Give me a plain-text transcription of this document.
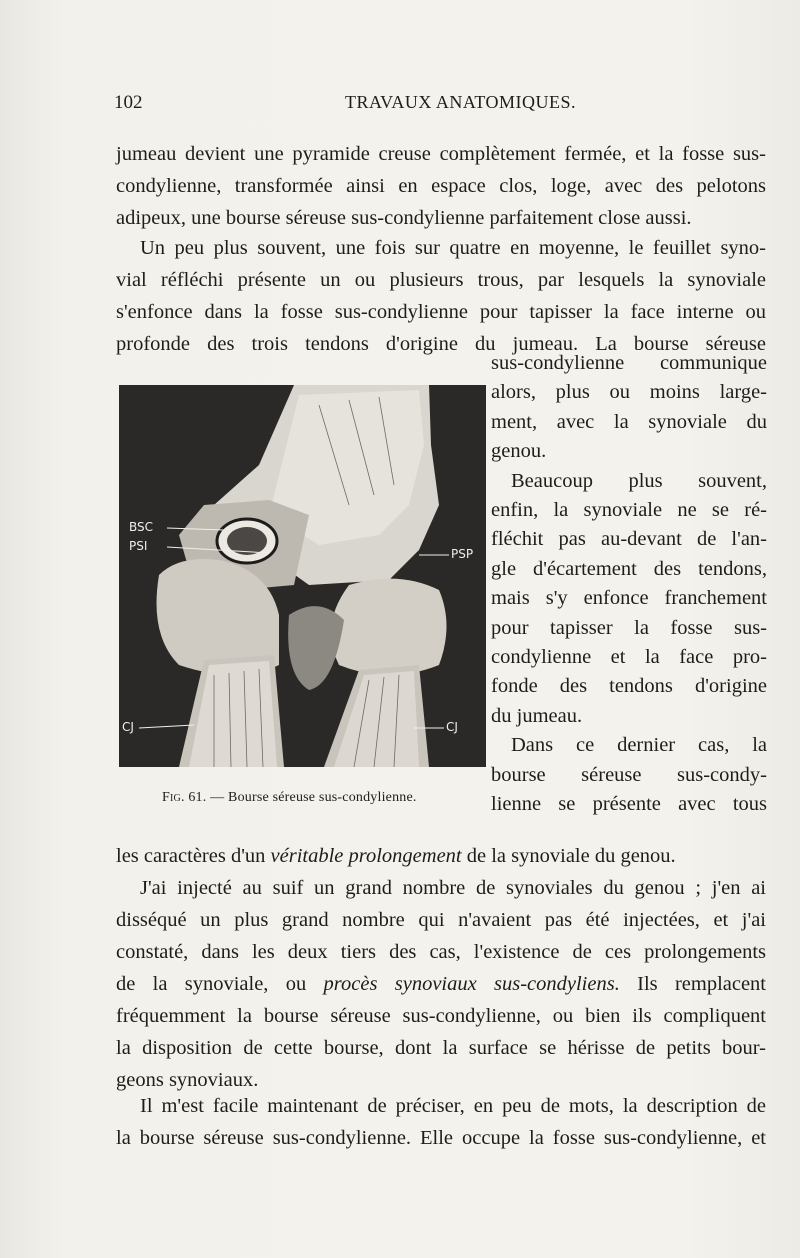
102	TRAVAUX ANATOMIQUES.
jumeau devient une pyramide creuse complètement fermée, et la fosse sus-
condylienne, transformée ainsi en espace clos, loge, avec des pelotons
adipeux, une bourse séreuse sus-condylienne parfaitement close aussi.
Un peu plus souvent, une fois sur quatre en moyenne, le feuillet syno-
vial réfléchi présente un ou plusieurs trous, par lesquels la synoviale
s'enfonce dans la fosse sus-condylienne pour tapisser la face interne ou
profonde des trois tendons d'origine du jumeau. La bourse séreuse
BSC
PSI
PSP
CJ	CJ
sus-condylienne communique
alors, plus ou moins large-
ment, avec la synoviale du
genou.
Beaucoup plus souvent,
enfin, la synoviale ne se ré-
fléchit pas au-devant de l'an-
gle d'écartement des tendons,
mais s'y enfonce franchement
pour tapisser la fosse sus-
condylienne et la face pro-
fonde des tendons d'origine
du jumeau.
Dans ce dernier cas, la
bourse séreuse sus-condy-
lienne se présente avec tous
Fig. 61. — Bourse séreuse sus-condylienne.
les caractères d'un véritable prolongement de la synoviale du genou.
J'ai injecté au suif un grand nombre de synoviales du genou ; j'en ai
disséqué un plus grand nombre qui n'avaient pas été injectées, et j'ai
constaté, dans les deux tiers des cas, l'existence de ces prolongements
de la synoviale, ou procès synoviaux sus-condyliens. Ils remplacent
fréquemment la bourse séreuse sus-condylienne, ou bien ils compliquent
la disposition de cette bourse, dont la surface se hérisse de petits bour-
geons synoviaux.
Il m'est facile maintenant de préciser, en peu de mots, la description de
la bourse séreuse sus-condylienne. Elle occupe la fosse sus-condylienne, et
